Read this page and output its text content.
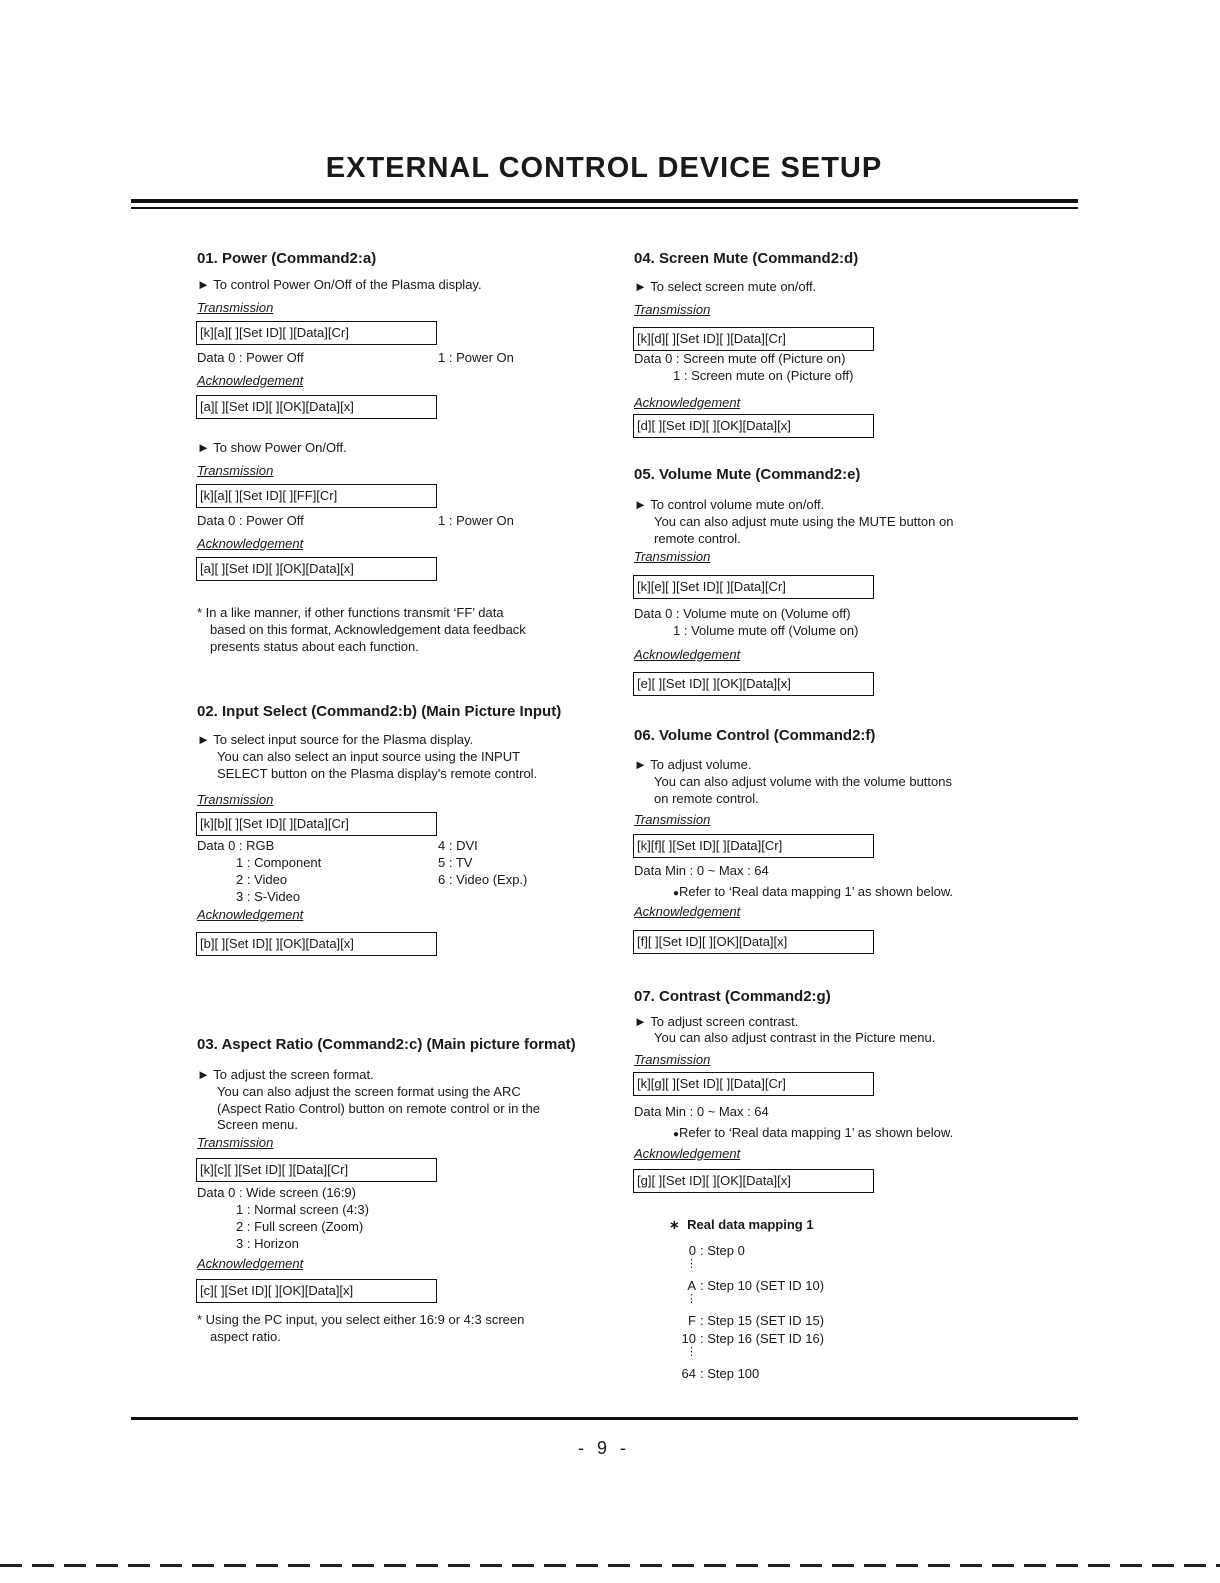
EXTERNAL CONTROL DEVICE SETUP
01. Power (Command2:a)
► To control Power On/Off of the Plasma display.
Transmission
[k][a][ ][Set ID][ ][Data][Cr]
Data 0 : Power Off	1 : Power On
Acknowledgement
[a][ ][Set ID][ ][OK][Data][x]
► To show Power On/Off.
Transmission
[k][a][ ][Set ID][ ][FF][Cr]
Data 0 : Power Off	1 : Power On
Acknowledgement
[a][ ][Set ID][ ][OK][Data][x]
* In a like manner, if other functions transmit ‘FF’ data
based on this format, Acknowledgement data feedback
presents status about each function.
02. Input Select (Command2:b) (Main Picture Input)
► To select input source for the Plasma display.
You can also select an input source using the INPUT
SELECT button on the Plasma display's remote control.
Transmission
[k][b][ ][Set ID][ ][Data][Cr]
Data 0 : RGB
1 : Component
2 : Video
3 : S-Video
4 : DVI
5 : TV
6 : Video (Exp.)
Acknowledgement
[b][ ][Set ID][ ][OK][Data][x]
03. Aspect Ratio (Command2:c) (Main picture format)
► To adjust the screen format.
You can also adjust the screen format using the ARC
(Aspect Ratio Control) button on remote control or in the
Screen menu.
Transmission
[k][c][ ][Set ID][ ][Data][Cr]
Data 0 : Wide screen (16:9)
1 : Normal screen (4:3)
2 : Full screen (Zoom)
3 : Horizon
Acknowledgement
[c][ ][Set ID][ ][OK][Data][x]
* Using the PC input, you select either 16:9 or 4:3 screen
aspect ratio.
04. Screen Mute (Command2:d)
► To select screen mute on/off.
Transmission
[k][d][ ][Set ID][ ][Data][Cr]
Data 0 : Screen mute off (Picture on)
1 : Screen mute on (Picture off)
Acknowledgement
[d][ ][Set ID][ ][OK][Data][x]
05. Volume Mute (Command2:e)
► To control volume mute on/off.
You can also adjust mute using the MUTE button on
remote control.
Transmission
[k][e][ ][Set ID][ ][Data][Cr]
Data 0 : Volume mute on (Volume off)
1 : Volume mute off (Volume on)
Acknowledgement
[e][ ][Set ID][ ][OK][Data][x]
06. Volume Control (Command2:f)
► To adjust volume.
You can also adjust volume with the volume buttons
on remote control.
Transmission
[k][f][ ][Set ID][ ][Data][Cr]
Data Min : 0 ~ Max : 64
●Refer to ‘Real data mapping 1’ as shown below.
Acknowledgement
[f][ ][Set ID][ ][OK][Data][x]
07. Contrast (Command2:g)
► To adjust screen contrast.
You can also adjust contrast in the Picture menu.
Transmission
[k][g][ ][Set ID][ ][Data][Cr]
Data Min : 0 ~ Max : 64
●Refer to ‘Real data mapping 1’ as shown below.
Acknowledgement
[g][ ][Set ID][ ][OK][Data][x]
∗ Real data mapping 1
0 : Step 0
⋮
A : Step 10 (SET ID 10)
⋮
F : Step 15 (SET ID 15)
10 : Step 16 (SET ID 16)
⋮
64 : Step 100
- 9 -
